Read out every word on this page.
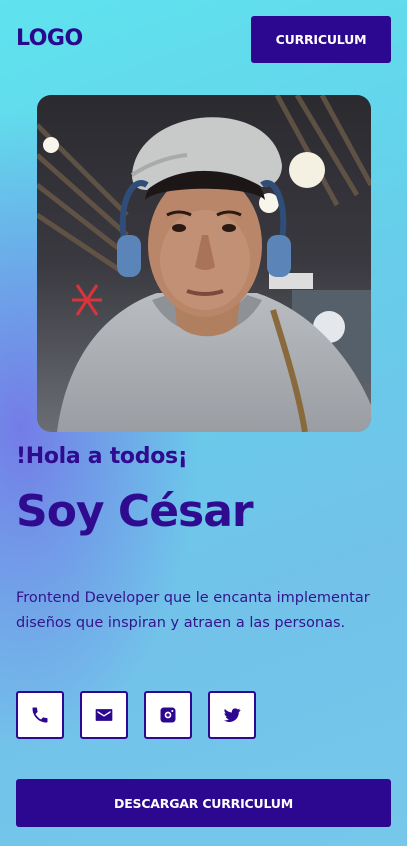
LOGO	CURRICULUM
!Hola a todos¡
Soy César

Frontend Developer que le encanta implementar diseños que inspiran y atraen a las personas.

DESCARGAR CURRICULUM
